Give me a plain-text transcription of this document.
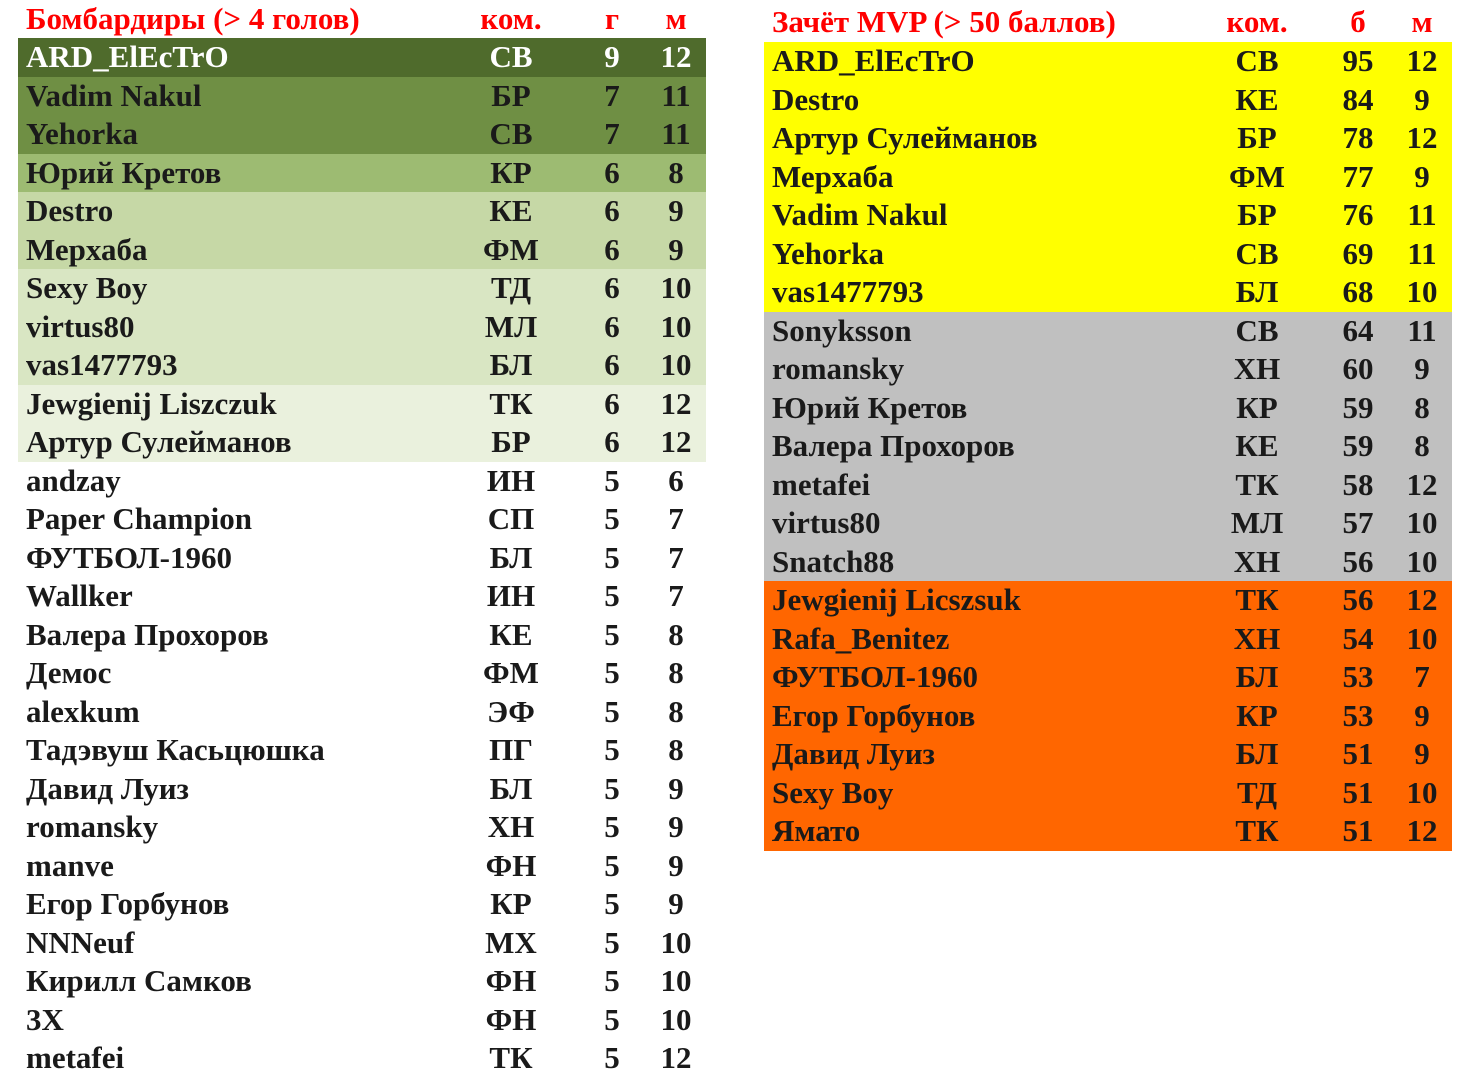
Бомбардиры (> 4 голов)	ком.	г	м
ARD_ElEcTrO	СВ	9	12
Vadim Nakul	БР	7	11
Yehorka	СВ	7	11
Юрий Кретов	КР	6	8
Destro	КЕ	6	9
Мерхаба	ФМ	6	9
Sexy Boy	ТД	6	10
virtus80	МЛ	6	10
vas1477793	БЛ	6	10
Jewgienij Liszczuk	ТК	6	12
Артур Сулейманов	БР	6	12
andzay	ИН	5	6
Paper Champion	СП	5	7
ФУТБОЛ-1960	БЛ	5	7
Wallker	ИН	5	7
Валера Прохоров	КЕ	5	8
Демос	ФМ	5	8
alexkum	ЭФ	5	8
Тадэвуш Касьцюшка	ПГ	5	8
Давид Луиз	БЛ	5	9
romansky	ХН	5	9
manve	ФН	5	9
Егор Горбунов	КР	5	9
NNNeuf	МХ	5	10
Кирилл Самков	ФН	5	10
3Х	ФН	5	10
metafei	ТК	5	12
Зачёт MVP (> 50 баллов)	ком.	б	м
ARD_ElEcTrO	СВ	95	12
Destro	КЕ	84	9
Артур Сулейманов	БР	78	12
Мерхаба	ФМ	77	9
Vadim Nakul	БР	76	11
Yehorka	СВ	69	11
vas1477793	БЛ	68	10
Sonyksson	СВ	64	11
romansky	ХН	60	9
Юрий Кретов	КР	59	8
Валера Прохоров	КЕ	59	8
metafei	ТК	58	12
virtus80	МЛ	57	10
Snatch88	ХН	56	10
Jewgienij Licszsuk	ТК	56	12
Rafa_Benitez	ХН	54	10
ФУТБОЛ-1960	БЛ	53	7
Егор Горбунов	КР	53	9
Давид Луиз	БЛ	51	9
Sexy Boy	ТД	51	10
Ямато	ТК	51	12
